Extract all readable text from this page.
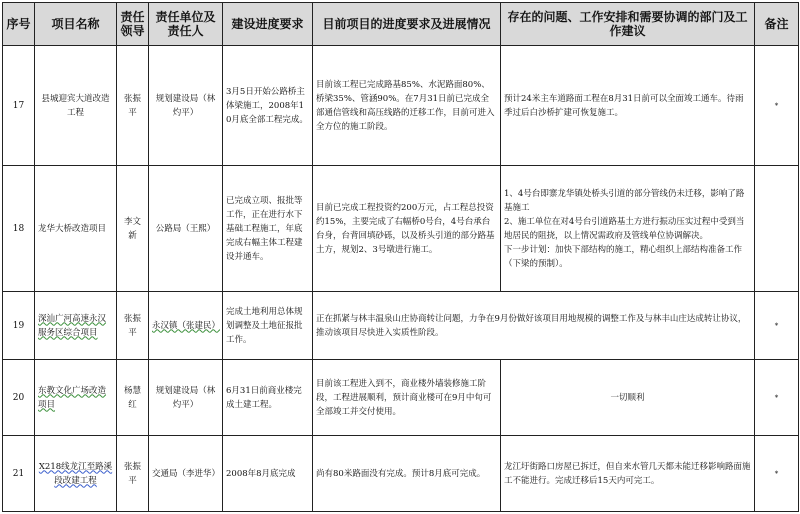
序号	项目名称	责任领导	责任单位及责任人	建设进度要求	目前项目的进度要求及进展情况	存在的问题、工作安排和需要协调的部门及工作建议	备注
17	县城迎宾大道改造工程	张振平	规划建设局（林灼平）	3月5日开始公路桥主体梁施工，2008年10月底全部工程完成。	目前该工程已完成路基85%、水泥路面80%、桥梁35%、管涵90%。在7月31日前已完成全部通信管线和高压线路的迁移工作，目前可进入全方位的施工阶段。	预计24米主车道路面工程在8月31日前可以全面竣工通车。待雨季过后白沙桥扩建可恢复施工。	*
18	龙华大桥改造项目	李文新	公路局（王熙）	已完成立项、报批等工作，正在进行水下基础工程施工，年底完成右幅主体工程建设并通车。	目前已完成工程投资约200万元，占工程总投资约15%，主要完成了右幅桥0号台，4号台承台台身，台背回填砂砾，以及桥头引道的部分路基土方，规划2、3号墩进行施工。	1、4号台即寨龙华镇处桥头引道的部分管线仍未迁移，影响了路基施工
2、施工单位在对4号台引道路基土方进行振动压实过程中受到当地居民的阻挠，以上情况需政府及管线单位协调解决。
下一步计划：加快下部结构的施工，精心组织上部结构准备工作（下梁的预制）。	

19	深汕广河高速永汉服务区综合项目	张振平	永汉镇（张建民）	完成土地利用总体规划调整及土地征报批工作。	正在抓紧与林丰温泉山庄协商转让问题，力争在9月份做好该项目用地规模的调整工作及与林丰山庄达成转让协议，推动该项目尽快进入实质性阶段。		*
20	东教文化广场改造项目	杨慧红	规划建设局（林灼平）	6月31日前商业楼完成土建工程。	目前该工程进入到不，商业楼外墙装修施工阶段，工程进展顺利，预计商业楼可在9月中旬可全部竣工并交付使用。	一切顺利	*
21	X218线龙江至路溪段改建工程	张振平	交通局（李进华）	2008年8月底完成	尚有80米路面没有完成。预计8月底可完成。	龙江圩街路口房屋已拆迁，但自来水管几天都未能迁移影响路面施工不能进行。完成迁移后15天内可完工。	*
